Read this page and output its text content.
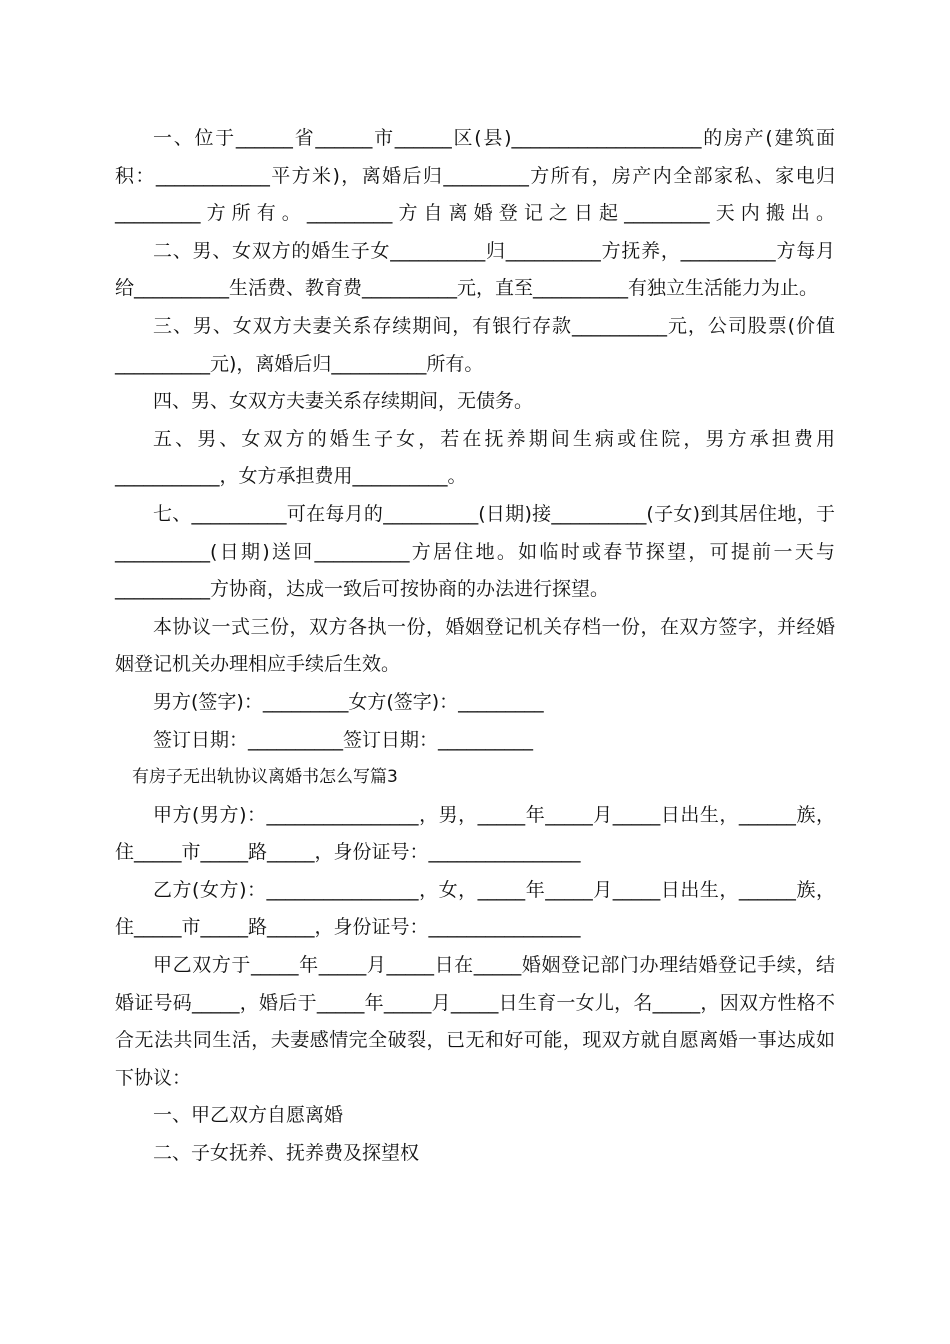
一、位于______省______市______区(县)____________________的房产(建筑面积：____________平方米)，离婚后归_________方所有，房产内全部家私、家电归_________方所有。_________方自离婚登记之日起_________天内搬出。

二、男、女双方的婚生子女__________归__________方抚养，__________方每月给__________生活费、教育费__________元，直至__________有独立生活能力为止。

三、男、女双方夫妻关系存续期间，有银行存款__________元，公司股票(价值__________元)，离婚后归__________所有。

四、男、女双方夫妻关系存续期间，无债务。

五、男、女双方的婚生子女，若在抚养期间生病或住院，男方承担费用___________，女方承担费用__________。

七、__________可在每月的__________(日期)接__________(子女)到其居住地，于__________(日期)送回__________方居住地。如临时或春节探望，可提前一天与__________方协商，达成一致后可按协商的办法进行探望。

本协议一式三份，双方各执一份，婚姻登记机关存档一份，在双方签字，并经婚姻登记机关办理相应手续后生效。

男方(签字)：_________女方(签字)：_________

签订日期：__________签订日期：__________

有房子无出轨协议离婚书怎么写篇3

甲方(男方)：________________，男，_____年_____月_____日出生，______族，住_____市_____路_____，身份证号：________________

乙方(女方)：________________，女，_____年_____月_____日出生，______族，住_____市_____路_____，身份证号：________________

甲乙双方于_____年_____月_____日在_____婚姻登记部门办理结婚登记手续，结婚证号码_____，婚后于_____年_____月_____日生育一女儿，名_____，因双方性格不合无法共同生活，夫妻感情完全破裂，已无和好可能，现双方就自愿离婚一事达成如下协议：

一、甲乙双方自愿离婚

二、子女抚养、抚养费及探望权
